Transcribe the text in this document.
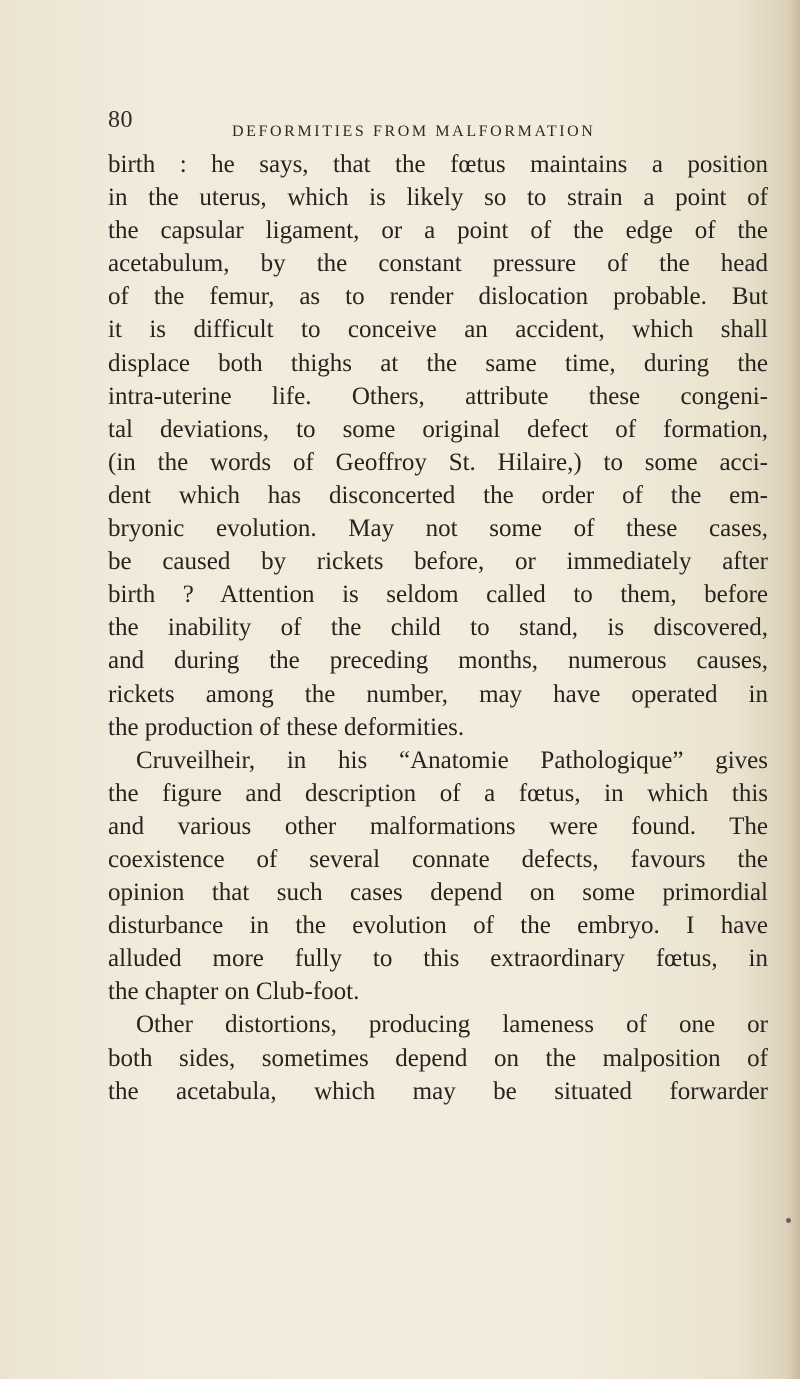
80	DEFORMITIES FROM MALFORMATION
birth : he says, that the fœtus maintains a position
in the uterus, which is likely so to strain a point of
the capsular ligament, or a point of the edge of the
acetabulum, by the constant pressure of the head
of the femur, as to render dislocation probable. But
it is difficult to conceive an accident, which shall
displace both thighs at the same time, during the
intra-uterine life. Others, attribute these congeni-
tal deviations, to some original defect of formation,
(in the words of Geoffroy St. Hilaire,) to some acci-
dent which has disconcerted the order of the em-
bryonic evolution. May not some of these cases,
be caused by rickets before, or immediately after
birth ? Attention is seldom called to them, before
the inability of the child to stand, is discovered,
and during the preceding months, numerous causes,
rickets among the number, may have operated in
the production of these deformities.
Cruveilheir, in his “Anatomie Pathologique” gives
the figure and description of a fœtus, in which this
and various other malformations were found. The
coexistence of several connate defects, favours the
opinion that such cases depend on some primordial
disturbance in the evolution of the embryo. I have
alluded more fully to this extraordinary fœtus, in
the chapter on Club-foot.
Other distortions, producing lameness of one or
both sides, sometimes depend on the malposition of
the acetabula, which may be situated forwarder
